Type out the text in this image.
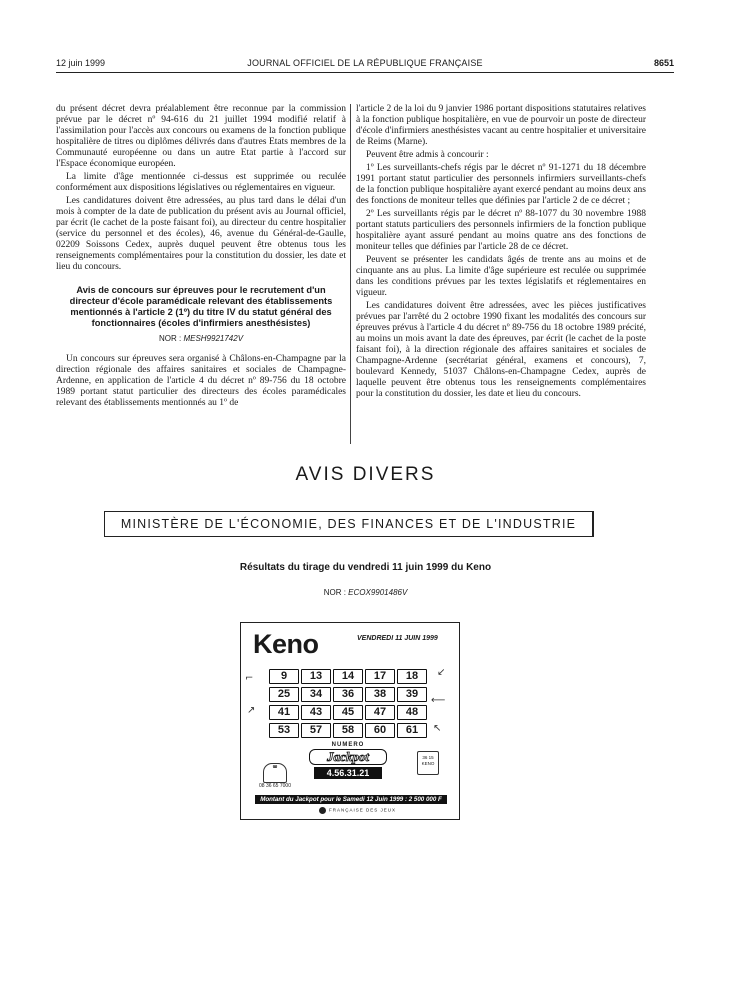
12 juin 1999	JOURNAL OFFICIEL DE LA RÉPUBLIQUE FRANÇAISE	8651

du présent décret devra préalablement être reconnue par la commission prévue par le décret nº 94-616 du 21 juillet 1994 modifié relatif à l'assimilation pour l'accès aux concours ou examens de la fonction publique hospitalière de titres ou diplômes délivrés dans d'autres Etats membres de la Communauté européenne ou dans un autre Etat partie à l'accord sur l'Espace économique européen.

La limite d'âge mentionnée ci-dessus est supprimée ou reculée conformément aux dispositions législatives ou réglementaires en vigueur.

Les candidatures doivent être adressées, au plus tard dans le délai d'un mois à compter de la date de publication du présent avis au Journal officiel, par écrit (le cachet de la poste faisant foi), au directeur du centre hospitalier (service du personnel et des écoles), 46, avenue du Général-de-Gaulle, 02209 Soissons Cedex, auprès duquel peuvent être obtenus tous les renseignements complémentaires pour la constitution du dossier, les date et lieu du concours.

Avis de concours sur épreuves pour le recrutement d'un directeur d'école paramédicale relevant des établissements mentionnés à l'article 2 (1º) du titre IV du statut général des fonctionnaires (écoles d'infirmiers anesthésistes)
NOR : MESH9921742V

Un concours sur épreuves sera organisé à Châlons-en-Champagne par la direction régionale des affaires sanitaires et sociales de Champagne-Ardenne, en application de l'article 4 du décret nº 89-756 du 18 octobre 1989 portant statut particulier des directeurs des écoles paramédicales relevant des établissements mentionnés au 1º de

l'article 2 de la loi du 9 janvier 1986 portant dispositions statutaires relatives à la fonction publique hospitalière, en vue de pourvoir un poste de directeur d'école d'infirmiers anesthésistes vacant au centre hospitalier et universitaire de Reims (Marne).

Peuvent être admis à concourir :

1º Les surveillants-chefs régis par le décret nº 91-1271 du 18 décembre 1991 portant statut particulier des personnels infirmiers surveillants-chefs de la fonction publique hospitalière ayant exercé pendant au moins deux ans des fonctions de moniteur telles que définies par l'article 2 de ce décret ;

2º Les surveillants régis par le décret nº 88-1077 du 30 novembre 1988 portant statuts particuliers des personnels infirmiers de la fonction publique hospitalière ayant assuré pendant au moins quatre ans des fonctions de moniteur telles que définies par l'article 28 de ce décret.

Peuvent se présenter les candidats âgés de trente ans au moins et de cinquante ans au plus. La limite d'âge supérieure est reculée ou supprimée dans les conditions prévues par les textes législatifs et réglementaires en vigueur.

Les candidatures doivent être adressées, avec les pièces justificatives prévues par l'arrêté du 2 octobre 1990 fixant les modalités des concours sur épreuves prévus à l'article 4 du décret nº 89-756 du 18 octobre 1989 précité, au moins un mois avant la date des épreuves, par écrit (le cachet de la poste faisant foi), à la direction régionale des affaires sanitaires et sociales de Champagne-Ardenne (secrétariat général, examens et concours), 7, boulevard Kennedy, 51037 Châlons-en-Champagne Cedex, auprès de laquelle peuvent être obtenus tous les renseignements complémentaires pour la constitution du dossier, les date et lieu du concours.

AVIS DIVERS
MINISTÈRE DE L'ÉCONOMIE, DES FINANCES ET DE L'INDUSTRIE
Résultats du tirage du vendredi 11 juin 1999 du Keno
NOR : ECOX9901486V
Keno	VENDREDI 11 JUIN 1999
⌐
↙
⟵
↗
↖
9	13	14	17	18
25	34	36	38	39
41	43	45	47	48
53	57	58	60	61
NUMERO
Jackpot
4.56.31.21
☎
08 36 65 7000
36 15 KENO
Montant du Jackpot pour le Samedi 12 Juin 1999 : 2 500 000 F
FRANÇAISE DES JEUX
